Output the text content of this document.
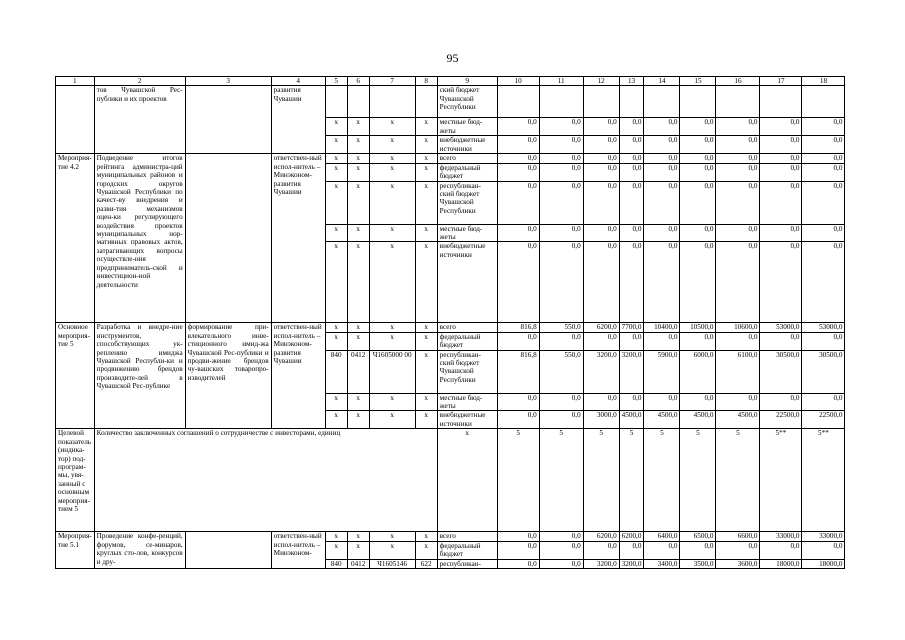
95
1	2	3	4	5	6	7	8	9	10	11	12	13	14	15	16	17	18
	тов Чувашской Рес-публики и их проектов		развития Чувашии					ский бюджет Чувашской Республики									
				x	x	x	x	местные бюд-жеты	0,0	0,0	0,0	0,0	0,0	0,0	0,0	0,0	0,0
				x	x	x	x	внебюджетные источники	0,0	0,0	0,0	0,0	0,0	0,0	0,0	0,0	0,0
Мероприя-тие 4.2	Подведение итогов рейтинга администра-ций муниципальных районов и городских округов Чувашской Республики по качест-ву внедрения и разви-тия механизмов оцен-ки регулирующего воздействия проектов муниципальных нор-мативных правовых актов, затрагивающих вопросы осуществле-ния предприниматель-ской и инвестицион-ной деятельности		ответствен-ный испол-нитель – Минэконом-развития Чувашии	x	x	x	x	всего	0,0	0,0	0,0	0,0	0,0	0,0	0,0	0,0	0,0
				x	x	x	x	федеральный бюджет	0,0	0,0	0,0	0,0	0,0	0,0	0,0	0,0	0,0
				x	x	x	x	республикан-ский бюджет Чувашской Республики	0,0	0,0	0,0	0,0	0,0	0,0	0,0	0,0	0,0
				x	x	x	x	местные бюд-жеты	0,0	0,0	0,0	0,0	0,0	0,0	0,0	0,0	0,0
				x	x	x	x	внебюджетные источники	0,0	0,0	0,0	0,0	0,0	0,0	0,0	0,0	0,0
Основное мероприя-тие 5	Разработка и внедре-ние инструментов, способствующих ук-реплению имиджа Чувашской Республи-ки и продвижению брендов производите-лей в Чувашской Рес-публике	формирование при-влекательного инве-стиционного имид-жа Чувашской Рес-публики и продви-жение брендов чу-вашских товаропро-изводителей	ответствен-ный испол-нитель – Минэконом-развития Чувашии	x	x	x	x	всего	816,8	550,0	6200,0	7700,0	10400,0	10500,0	10600,0	53000,0	53000,0
				x	x	x	x	федеральный бюджет	0,0	0,0	0,0	0,0	0,0	0,0	0,0	0,0	0,0
				840	0412	Ч1605000 00	x	республикан-ский бюджет Чувашской Республики	816,8	550,0	3200,0	3200,0	5900,0	6000,0	6100,0	30500,0	30500,0
				x	x	x	x	местные бюд-жеты	0,0	0,0	0,0	0,0	0,0	0,0	0,0	0,0	0,0
				x	x	x	x	внебюджетные источники	0,0	0,0	3000,0	4500,0	4500,0	4500,0	4500,0	22500,0	22500,0
Целевой показатель (индика-тор) под-програм-мы, увя-занный с основным мероприя-тием 5	Количество заключенных соглашений о сотрудничестве с инвесторами, единиц							x	5	5	5	5	5	5	5	5**	5**
Мероприя-тие 5.1	Проведение конфе-ренций, форумов, се-минаров, круглых сто-лов, конкурсов и дру-		ответствен-ный испол-нитель – Минэконом-	x	x	x	x	всего	0,0	0,0	6200,0	6200,0	6400,0	6500,0	6600,0	33000,0	33000,0
				x	x	x	x	федеральный бюджет	0,0	0,0	0,0	0,0	0,0	0,0	0,0	0,0	0,0
				840	0412	Ч1605146	622	республикан-	0,0	0,0	3200,0	3200,0	3400,0	3500,0	3600,0	18000,0	18000,0
